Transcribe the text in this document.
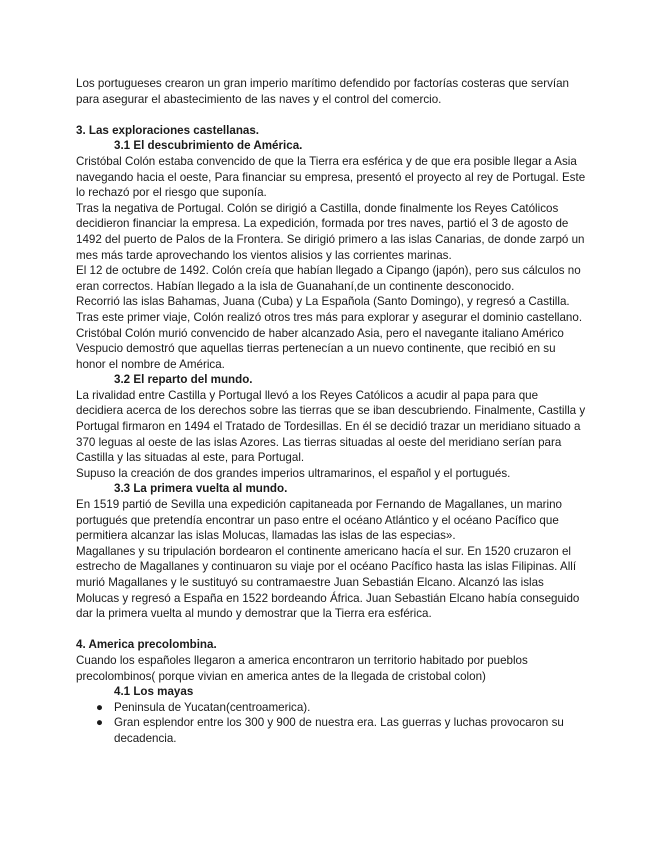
Los portugueses crearon un gran imperio marítimo defendido por factorías costeras que servían para asegurar el abastecimiento de las naves y el control del comercio.

3. Las exploraciones castellanas.

3.1 El descubrimiento de América.

Cristóbal Colón estaba convencido de que la Tierra era esférica y de que era posible llegar a Asia navegando hacia el oeste, Para financiar su empresa, presentó el proyecto al rey de Portugal. Este lo rechazó por el riesgo que suponía.

Tras la negativa de Portugal. Colón se dirigió a Castilla, donde finalmente los Reyes Católicos decidieron financiar la empresa. La expedición, formada por tres naves, partió el 3 de agosto de 1492 del puerto de Palos de la Frontera. Se dirigió primero a las islas Canarias, de donde zarpó un mes más tarde aprovechando los vientos alisios y las corrientes marinas.

El 12 de octubre de 1492. Colón creía que habían llegado a Cipango (japón), pero sus cálculos no eran correctos. Habían llegado a la isla de Guanahaní,de un continente desconocido.

Recorrió las islas Bahamas, Juana (Cuba) y La Española (Santo Domingo), y regresó a Castilla.

Tras este primer viaje, Colón realizó otros tres más para explorar y asegurar el dominio castellano.

Cristóbal Colón murió convencido de haber alcanzado Asia, pero el navegante italiano Américo Vespucio demostró que aquellas tierras pertenecían a un nuevo continente, que recibió en su honor el nombre de América.

3.2 El reparto del mundo.

La rivalidad entre Castilla y Portugal llevó a los Reyes Católicos a acudir al papa para que decidiera acerca de los derechos sobre las tierras que se iban descubriendo. Finalmente, Castilla y Portugal firmaron en 1494 el Tratado de Tordesillas. En él se decidió trazar un meridiano situado a 370 leguas al oeste de las islas Azores. Las tierras situadas al oeste del meridiano serían para Castilla y las situadas al este, para Portugal.

Supuso la creación de dos grandes imperios ultramarinos, el español y el portugués.

3.3 La primera vuelta al mundo.

En 1519 partió de Sevilla una expedición capitaneada por Fernando de Magallanes, un marino portugués que pretendía encontrar un paso entre el océano Atlántico y el océano Pacífico que permitiera alcanzar las islas Molucas, llamadas las islas de las especias».

Magallanes y su tripulación bordearon el continente americano hacía el sur. En 1520 cruzaron el estrecho de Magallanes y continuaron su viaje por el océano Pacífico hasta las islas Filipinas. Allí murió Magallanes y le sustituyó su contramaestre Juan Sebastián Elcano. Alcanzó las islas Molucas y regresó a España en 1522 bordeando África. Juan Sebastián Elcano había conseguido dar la primera vuelta al mundo y demostrar que la Tierra era esférica.

4. America precolombina.

Cuando los españoles llegaron a america encontraron un territorio habitado por pueblos precolombinos( porque vivian en america antes de la llegada de cristobal colon)

4.1 Los mayas

● Peninsula de Yucatan(centroamerica).
● Gran esplendor entre los 300 y 900 de nuestra era. Las guerras y luchas provocaron su decadencia.
